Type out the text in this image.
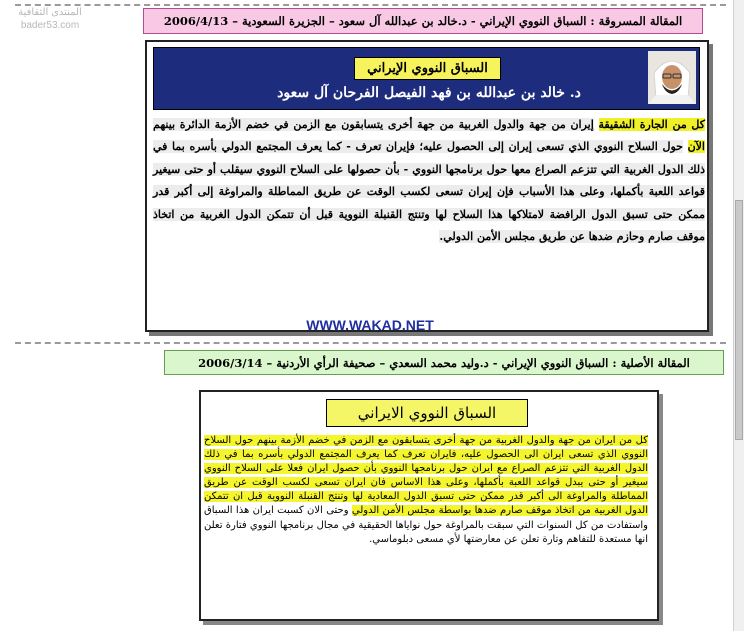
المنتدى الثقافية
bader53.com	المقالة المسروقة : السباق النووي الإيراني - د.خالد بن عبدالله آل سعود – الجزيرة السعودية – 2006/4/13
السباق النووي الإيراني
د. خالد بن عبدالله بن فهد الفيصل الفرحان آل سعود
كل من الجارة الشقيقة إيران من جهة والدول الغربية من جهة أخرى يتسابقون مع الزمن في خضم الأزمة الدائرة بينهم الآن حول السلاح النووي الذي تسعى إيران إلى الحصول عليه؛ فإيران تعرف - كما يعرف المجتمع الدولي بأسره بما في ذلك الدول الغربية التي تتزعم الصراع معها حول برنامجها النووي - بأن حصولها على السلاح النووي سيقلب أو حتى سيغير قواعد اللعبة بأكملها، وعلى هذا الأسباب فإن إيران تسعى لكسب الوقت عن طريق المماطلة والمراوغة إلى أكبر قدر ممكن حتى تسبق الدول الرافضة لامتلاكها هذا السلاح لها وتنتج القنبلة النووية قبل أن تتمكن الدول الغربية من اتخاذ موقف صارم وحازم ضدها عن طريق مجلس الأمن الدولي.
WWW.WAKAD.NET
المقالة الأصلية : السباق النووي الإيراني - د.وليد محمد السعدي – صحيفة الرأي الأردنية – 2006/3/14
السباق النووي الايراني
كل من ايران من جهة والدول الغربية من جهة أخرى يتسابقون مع الزمن في خضم الأزمة بينهم حول السلاح النووي الذي تسعى ايران الى الحصول عليه، فايران تعرف كما يعرف المجتمع الدولي بأسره بما في ذلك الدول الغربية التي تتزعم الصراع مع ايران حول برنامجها النووي بأن حصول ايران فعلا على السلاح النووي سيغير أو حتى يبدل قواعد اللعبة بأكملها، وعلى هذا الاساس فان ايران تسعى لكسب الوقت عن طريق المماطلة والمراوغة الى أكبر قدر ممكن حتى تسبق الدول المعادية لها وتنتج القنبلة النووية قبل ان تتمكن الدول الغربية من اتخاذ موقف صارم ضدها بواسطة مجلس الأمن الدولي وحتى الان كسبت ايران هذا السباق واستفادت من كل السنوات التي سبقت بالمراوغة حول نواياها الحقيقية في مجال برنامجها النووي فتارة تعلن انها مستعدة للتفاهم وتارة تعلن عن معارضتها لأي مسعى دبلوماسي.
